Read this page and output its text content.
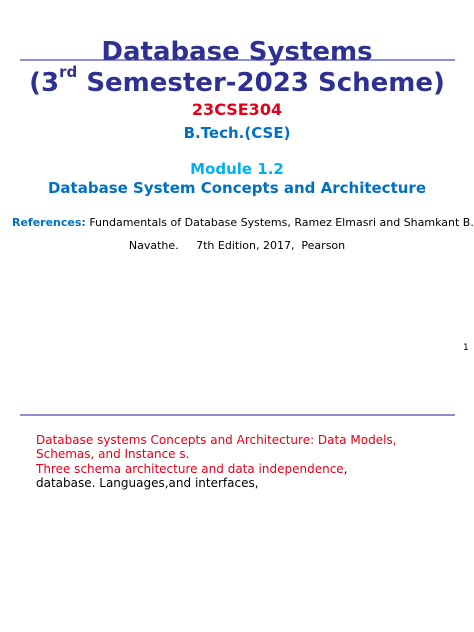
Database Systems
(3rd Semester-2023 Scheme)
23CSE304
B.Tech.(CSE)
Module 1.2
Database System Concepts and Architecture
References: Fundamentals of Database Systems, Ramez Elmasri and Shamkant B.
Navathe.     7th Edition, 2017,  Pearson
1
Database systems Concepts and Architecture: Data Models,
Schemas, and Instance s.
Three schema architecture and data independence,
database. Languages,and interfaces,
